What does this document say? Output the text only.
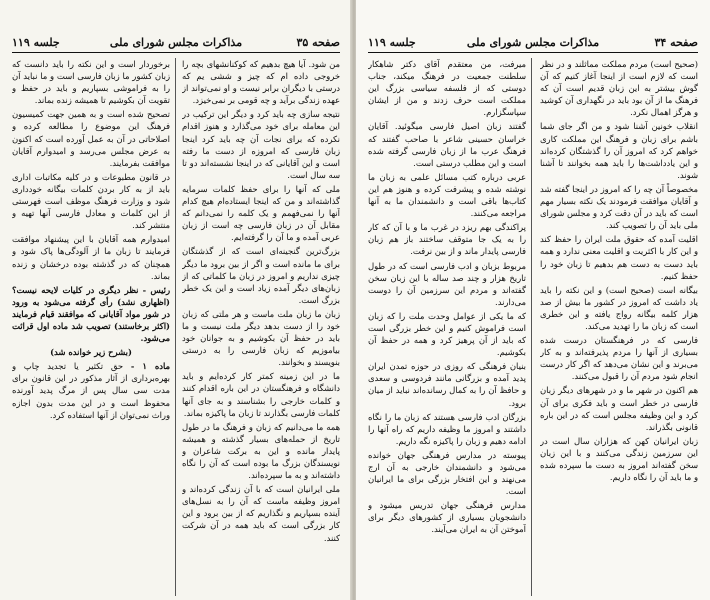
صفحه ۳۵
مذاکرات مجلس شورای ملی
جلسه ۱۱۹

من شود. آیا هیچ بدهیم که کوکنانشهای بچه را خروجی داده ام که چیز و ششی یم که درستی با دیگران برابر نیست و او نمی‌تواند از عهده زندگی برآید و چه قومی بر نمی‌خیزد.

نتیجه سازی چه باید کرد و دیگر این ترکیب در این معامله برای خود می‌گذارد و هنوز اقدام نکرده که برای نجات آن چه باید کرد اینجا زبان فارسی که امروزه از دست ما رفته است و این آقایانی که در اینجا نشسته‌اند دو تا سه سال است.

ملی که آنها را برای حفظ کلمات سرمایه گذاشته‌اند و من که اینجا ایستاده‌ام هیچ کدام آنها را نمی‌فهمم و یک کلمه را نمی‌دانم که مقابل آن در زبان فارسی چه است از زبان عربی آمده و ما آن را گرفته‌ایم.

بزرگ‌ترین گنجینه‌ای است که از گذشتگان برای ما مانده است و اگر از بین برود ما دیگر چیزی نداریم و امروز در زبان ما کلماتی که از زبان‌های دیگر آمده زیاد است و این یک خطر بزرگ است.

زبان ما زبان ملت ماست و هر ملتی که زبان خود را از دست بدهد دیگر ملت نیست و ما باید در حفظ آن بکوشیم و به جوانان خود بیاموزیم که زبان فارسی را به درستی بنویسند و بخوانند.

ما در این زمینه کمتر کار کرده‌ایم و باید دانشگاه و فرهنگستان در این باره اقدام کنند و کلمات خارجی را بشناسند و به جای آنها کلمات فارسی بگذارند تا زبان ما پاکیزه بماند.

همه ما می‌دانیم که زبان و فرهنگ ما در طول تاریخ از حمله‌های بسیار گذشته و همیشه پایدار مانده و این به برکت شاعران و نویسندگان بزرگ ما بوده است که آن را نگاه داشته‌اند و به ما سپرده‌اند.

ملی ایرانیان است که با آن زندگی کرده‌اند و امروز وظیفه ماست که آن را به نسل‌های آینده بسپاریم و نگذاریم که از بین برود و این کار بزرگی است که باید همه در آن شرکت کنند.

برخوردار است و این نکته را باید دانست که زبان کشور ما زبان فارسی است و ما نباید آن را به فراموشی بسپاریم و باید در حفظ و تقویت آن بکوشیم تا همیشه زنده بماند.

تصحیح شده است و به همین جهت کمیسیون فرهنگ این موضوع را مطالعه کرده و اصلاحاتی در آن به عمل آورده است که اکنون به عرض مجلس می‌رسد و امیدوارم آقایان موافقت بفرمایند.

در قانون مطبوعات و در کلیه مکاتبات اداری باید از به کار بردن کلمات بیگانه خودداری شود و وزارت فرهنگ موظف است فهرستی از این کلمات و معادل فارسی آنها تهیه و منتشر کند.

امیدوارم همه آقایان با این پیشنهاد موافقت فرمایند تا زبان ما از آلودگی‌ها پاک شود و همچنان که در گذشته بوده درخشان و زنده بماند.

رئیس - نظر دیگری در کلیات لایحه نیست؟ (اظهاری نشد) رأی گرفته می‌شود به ورود در شور مواد آقایانی که موافقند قیام فرمایند (اکثر برخاستند) تصویب شد ماده اول قرائت می‌شود.

(بشرح زیر خوانده شد)

ماده ۱ - حق تکثیر یا تجدید چاپ و بهره‌برداری از آثار مذکور در این قانون برای مدت سی سال پس از مرگ پدید آورنده محفوظ است و در این مدت بدون اجازه وراث نمی‌توان از آنها استفاده کرد.

صفحه ۳۴
مذاکرات مجلس شورای ملی
جلسه ۱۱۹

(صحیح است) مردم مملکت مماثلند و در نظر است که لازم است از اینجا آغاز کنیم که آن گوش بیشتر به این زبان قدیم است آن که فرهنگ ما از آن بود باید در نگهداری آن کوشید و هرگز اهمال نکرد.

انقلاب خونین آشنا شود و من اگر جای شما باشم برای زبان و فرهنگ این مملکت کاری خواهم کرد که امروز آن را گذشتگان کرده‌اند و این یادداشت‌ها را باید همه بخوانند تا آشنا شوند.

مخصوصاً آن چه را که امروز در اینجا گفته شد و آقایان موافقت فرمودند یک نکته بسیار مهم است که باید در آن دقت کرد و مجلس شورای ملی باید آن را تصویب کند.

اقلیت آمده که حقوق ملت ایران را حفظ کند و این کار با اکثریت و اقلیت معنی ندارد و همه باید دست به دست هم بدهیم تا زبان خود را حفظ کنیم.

بیگانه است (صحیح است) و این نکته را باید یاد داشت که امروز در کشور ما بیش از صد هزار کلمه بیگانه رواج یافته و این خطری است که زبان ما را تهدید می‌کند.

فارسی که در فرهنگستان درست شده بسیاری از آنها را مردم پذیرفته‌اند و به کار می‌برند و این نشان می‌دهد که اگر کار درست انجام شود مردم آن را قبول می‌کنند.

هم اکنون در شهر ما و در شهرهای دیگر زبان فارسی در خطر است و باید فکری برای آن کرد و این وظیفه مجلس است که در این باره قانونی بگذراند.

زبان ایرانیان کهن که هزاران سال است در این سرزمین زندگی می‌کنند و با این زبان سخن گفته‌اند امروز به دست ما سپرده شده و ما باید آن را نگاه داریم.

میرفت، من معتقدم آقای دکتر شاهکار سلطنت جمعیت در فرهنگ میکند، جناب دوستی که از فلسفه سیاسی بزرگ این مملکت است حرف زدند و من از ایشان سپاسگزارم.

گفتند زبان اصیل فارسی میگوئید. آقایان خراسان حسینی شاعر با صاحب گفتند که فرهنگ عرب ما از زبان فارسی گرفته شده است و این مطلب درستی است.

عربی درباره کتب مسائل علمی به زبان ما نوشته شده و پیشرفت کرده و هنوز هم این کتاب‌ها باقی است و دانشمندان ما به آنها مراجعه می‌کنند.

پراکندگی بهم ریزد در غرب ما و با آن که کار را به یک جا متوقف ساختند باز هم زبان فارسی پایدار ماند و از بین نرفت.

مربوط بزبان و ادب فارسی است که در طول تاریخ هزار و چند صد ساله با این زبان سخن گفته‌اند و مردم این سرزمین آن را دوست می‌دارند.

که ما یکی از عوامل وحدت ملت را که زبان است فراموش کنیم و این خطر بزرگی است که باید از آن پرهیز کرد و همه در حفظ آن بکوشیم.

بنیان فرهنگی که روزی در حوزه تمدن ایران پدید آمده و بزرگانی مانند فردوسی و سعدی و حافظ آن را به کمال رسانده‌اند نباید از میان برود.

بزرگان ادب فارسی هستند که زبان ما را نگاه داشتند و امروز ما وظیفه داریم که راه آنها را ادامه دهیم و زبان را پاکیزه نگه داریم.

پیوسته در مدارس فرهنگی جهان خوانده می‌شود و دانشمندان خارجی به آن ارج می‌نهند و این افتخار بزرگی برای ما ایرانیان است.

مدارس فرهنگی جهان تدریس میشود و دانشجویان بسیاری از کشورهای دیگر برای آموختن آن به ایران می‌آیند.
